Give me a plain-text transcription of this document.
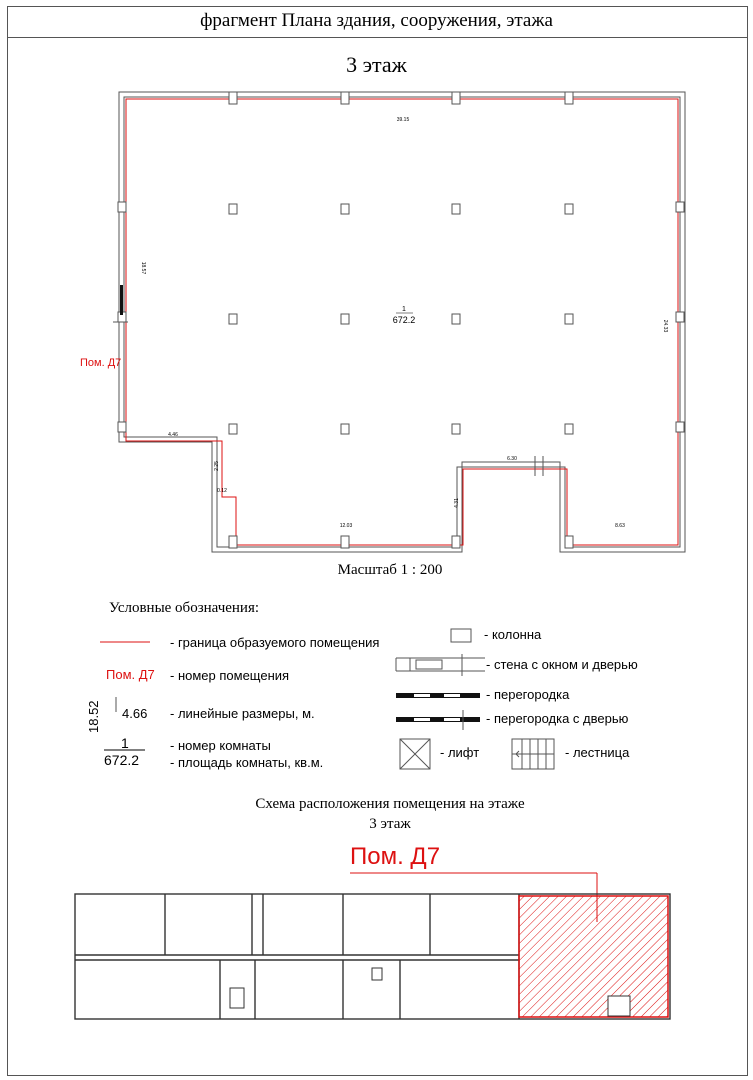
фрагмент Плана здания, сооружения, этажа
3 этаж
39.15
18.57
24.33
4.46
2.25
0.12
12.03
6.30
4.31
8.63
1
672.2
Пом. Д7
Масштаб 1 : 200
Условные обозначения:
- граница образуемого помещения
Пом. Д7 - номер помещения
18.52 4.66 - линейные размеры, м.
1	- номер комнаты
672.2 - площадь комнаты, кв.м.
- колонна
- стена с окном и дверью
- перегородка
- перегородка с дверью
- лифт	- лестница
Схема расположения помещения на этаже
3 этаж
Пом. Д7
